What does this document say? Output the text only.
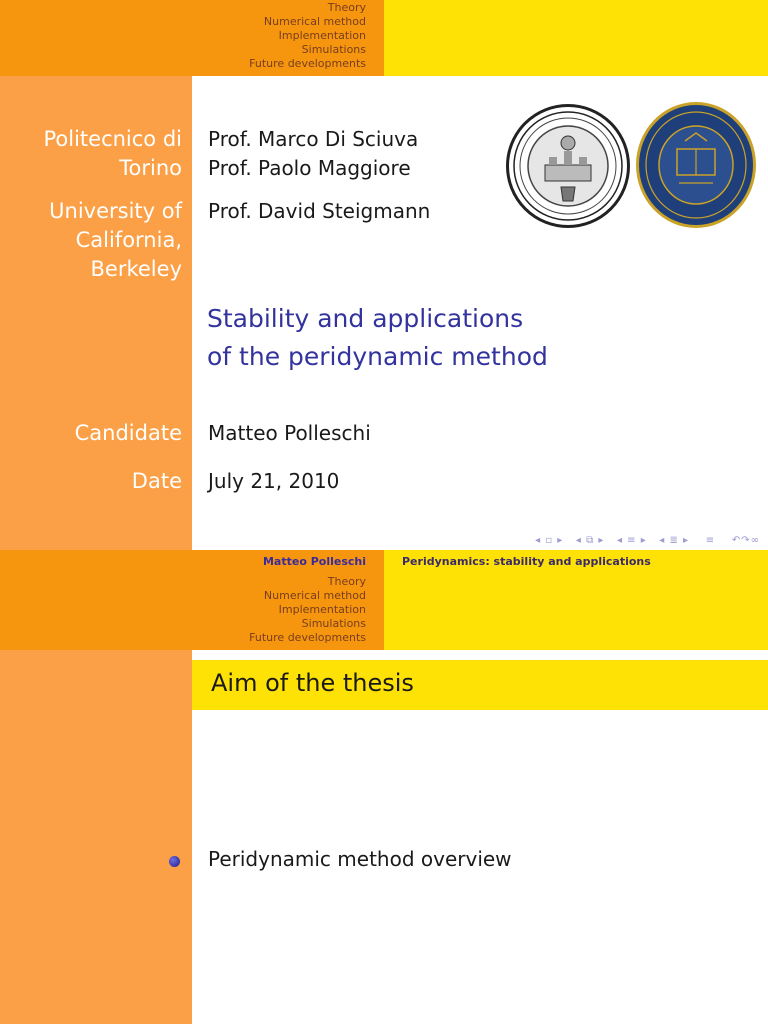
Theory
Numerical method
Implementation
Simulations
Future developments
Politecnico di
Torino
Prof. Marco Di Sciuva
Prof. Paolo Maggiore
University of
California,
Berkeley
Prof. David Steigmann
Stability and applications
of the peridynamic method
Candidate Matteo Polleschi
Date July 21, 2010
◂ ▫ ▸ ◂ ⧉ ▸ ◂ ≡ ▸ ◂ ≣ ▸ ≡ ↶↷∞
Matteo Polleschi	Peridynamics: stability and applications
Theory
Numerical method
Implementation
Simulations
Future developments
Aim of the thesis
Peridynamic method overview
